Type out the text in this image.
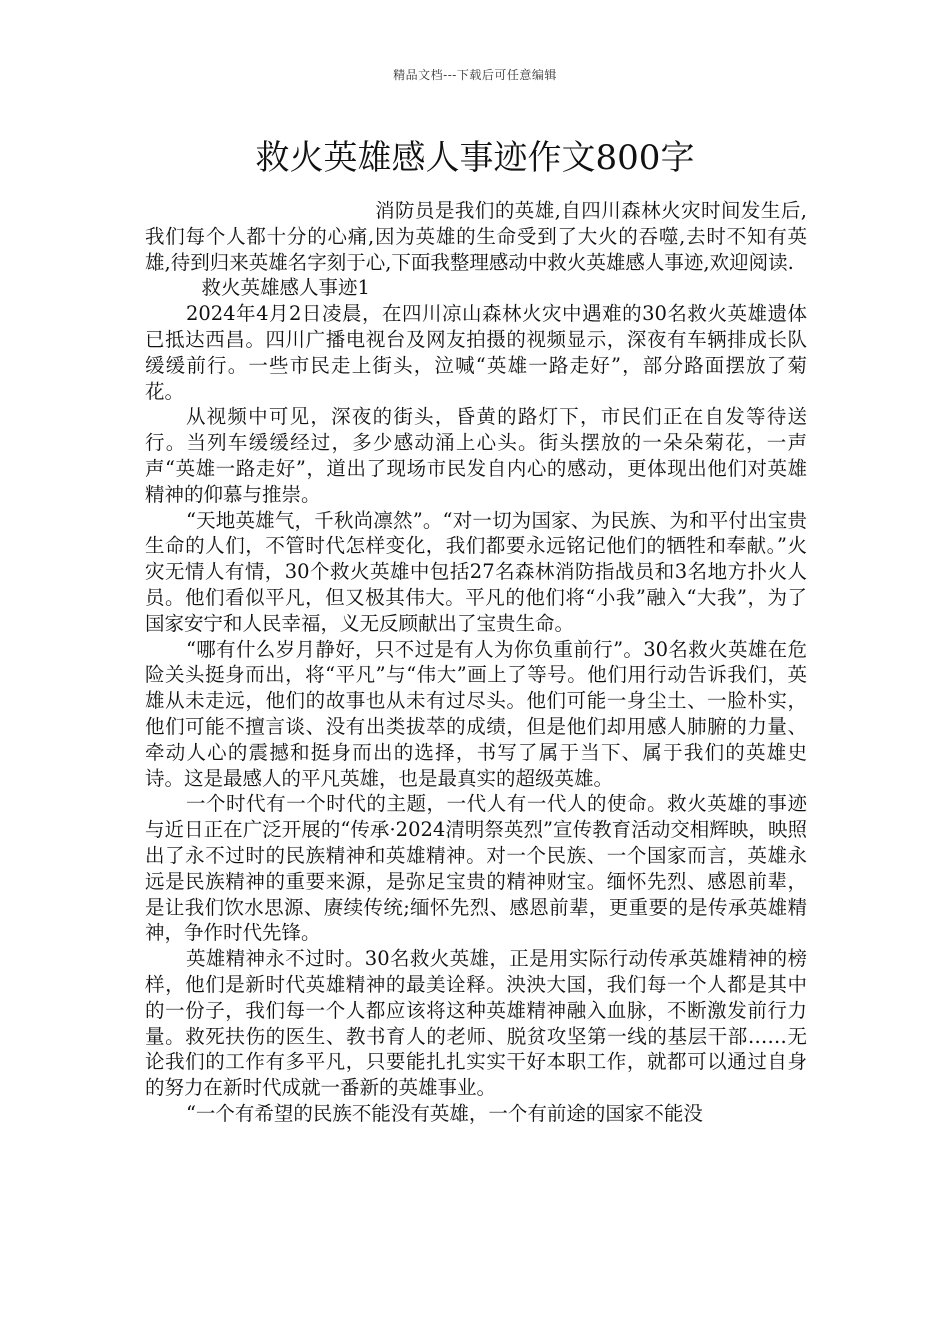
精品文档---下载后可任意编辑
救火英雄感人事迹作文800字

消防员是我们的英雄,自四川森林火灾时间发生后,我们每个人都十分的心痛,因为英雄的生命受到了大火的吞噬,去时不知有英雄,待到归来英雄名字刻于心,下面我整理感动中救火英雄感人事迹,欢迎阅读.

救火英雄感人事迹1

2024年4月2日凌晨，在四川凉山森林火灾中遇难的30名救火英雄遗体已抵达西昌。四川广播电视台及网友拍摄的视频显示，深夜有车辆排成长队缓缓前行。一些市民走上街头，泣喊“英雄一路走好”，部分路面摆放了菊花。

从视频中可见，深夜的街头，昏黄的路灯下，市民们正在自发等待送行。当列车缓缓经过，多少感动涌上心头。街头摆放的一朵朵菊花，一声声“英雄一路走好”，道出了现场市民发自内心的感动，更体现出他们对英雄精神的仰慕与推崇。

“天地英雄气，千秋尚凛然”。“对一切为国家、为民族、为和平付出宝贵生命的人们，不管时代怎样变化，我们都要永远铭记他们的牺牲和奉献。”火灾无情人有情，30个救火英雄中包括27名森林消防指战员和3名地方扑火人员。他们看似平凡，但又极其伟大。平凡的他们将“小我”融入“大我”，为了国家安宁和人民幸福，义无反顾献出了宝贵生命。

“哪有什么岁月静好，只不过是有人为你负重前行”。30名救火英雄在危险关头挺身而出，将“平凡”与“伟大”画上了等号。他们用行动告诉我们，英雄从未走远，他们的故事也从未有过尽头。他们可能一身尘土、一脸朴实，他们可能不擅言谈、没有出类拔萃的成绩，但是他们却用感人肺腑的力量、牵动人心的震撼和挺身而出的选择，书写了属于当下、属于我们的英雄史诗。这是最感人的平凡英雄，也是最真实的超级英雄。

一个时代有一个时代的主题，一代人有一代人的使命。救火英雄的事迹与近日正在广泛开展的“传承·2024清明祭英烈”宣传教育活动交相辉映，映照出了永不过时的民族精神和英雄精神。对一个民族、一个国家而言，英雄永远是民族精神的重要来源，是弥足宝贵的精神财宝。缅怀先烈、感恩前辈，是让我们饮水思源、赓续传统;缅怀先烈、感恩前辈，更重要的是传承英雄精神，争作时代先锋。

英雄精神永不过时。30名救火英雄，正是用实际行动传承英雄精神的榜样，他们是新时代英雄精神的最美诠释。泱泱大国，我们每一个人都是其中的一份子，我们每一个人都应该将这种英雄精神融入血脉，不断激发前行力量。救死扶伤的医生、教书育人的老师、脱贫攻坚第一线的基层干部……无论我们的工作有多平凡，只要能扎扎实实干好本职工作，就都可以通过自身的努力在新时代成就一番新的英雄事业。

“一个有希望的民族不能没有英雄，一个有前途的国家不能没
